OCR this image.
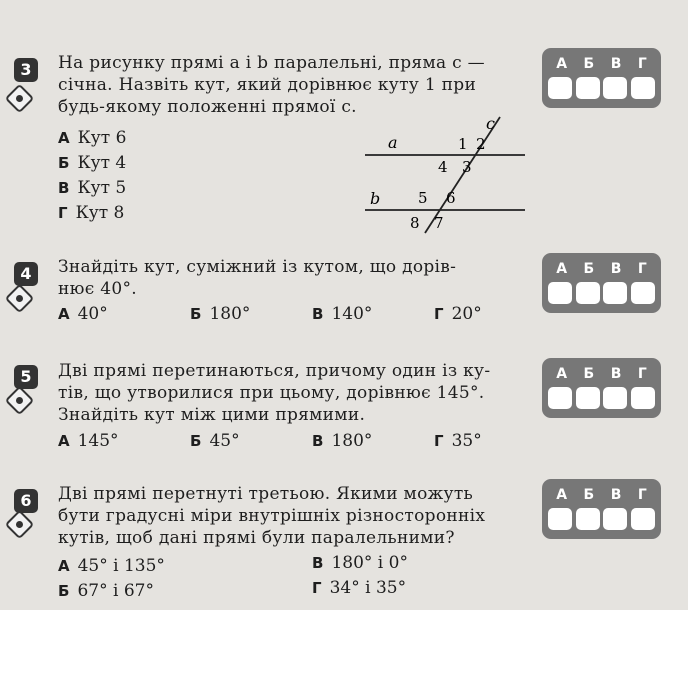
3	На рисунку прямі a і b паралельні, пряма c —
січна. Назвіть кут, який дорівнює куту 1 при
будь-якому положенні прямої c.
А Кут 6
Б Кут 4
В Кут 5
Г Кут 8
a
b
c
1 2
3
4
5 6
7
8
А Б В Г
4	Знайдіть кут, суміжний із кутом, що дорів-
нює 40°.
А 40°	Б 180°	В 140°	Г 20°
А Б В Г
5	Дві прямі перетинаються, причому один із ку-
тів, що утворилися при цьому, дорівнює 145°.
Знайдіть кут між цими прямими.
А 145°	Б 45°	В 180°	Г 35°
А Б В Г
6	Дві прямі перетнуті третьою. Якими можуть
бути градусні міри внутрішніх різносторонніх
кутів, щоб дані прямі були паралельними?
А 45° і 135°	В 180° і 0°
Б 67° і 67°	Г 34° і 35°
А Б В Г
